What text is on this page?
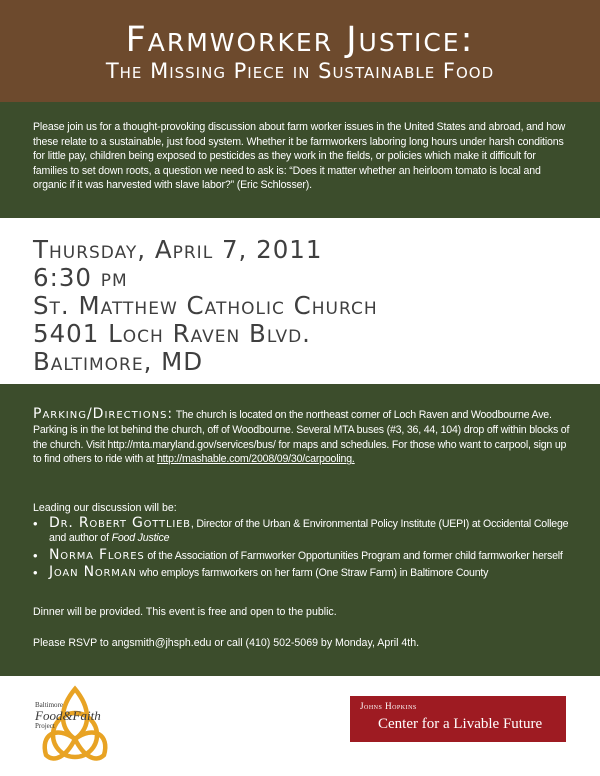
Farmworker Justice:
The Missing Piece in Sustainable Food

Please join us for a thought-provoking discussion about farm worker issues in the United States and abroad, and how these relate to a sustainable, just food system. Whether it be farmworkers laboring long hours under harsh conditions for little pay, children being exposed to pesticides as they work in the fields, or policies which make it difficult for families to set down roots, a question we need to ask is: “Does it matter whether an heirloom tomato is local and organic if it was harvested with slave labor?” (Eric Schlosser).

Thursday, April 7, 2011
6:30 pm
St. Matthew Catholic Church
5401 Loch Raven Blvd.
Baltimore, MD

Parking/Directions: The church is located on the northeast corner of Loch Raven and Woodbourne Ave. Parking is in the lot behind the church, off of Woodbourne. Several MTA buses (#3, 36, 44, 104) drop off within blocks of the church. Visit http://mta.maryland.gov/services/bus/ for maps and schedules. For those who want to carpool, sign up to find others to ride with at http://mashable.com/2008/09/30/carpooling.

Leading our discussion will be:

• Dr. Robert Gottlieb, Director of the Urban & Environmental Policy Institute (UEPI) at Occidental College and author of Food Justice
• Norma Flores of the Association of Farmworker Opportunities Program and former child farmworker herself
• Joan Norman who employs farmworkers on her farm (One Straw Farm) in Baltimore County

Dinner will be provided. This event is free and open to the public.

Please RSVP to angsmith@jhsph.edu or call (410) 502-5069 by Monday, April 4th.

Baltimore
Food&Faith
Project
Johns Hopkins
Center for a Livable Future
